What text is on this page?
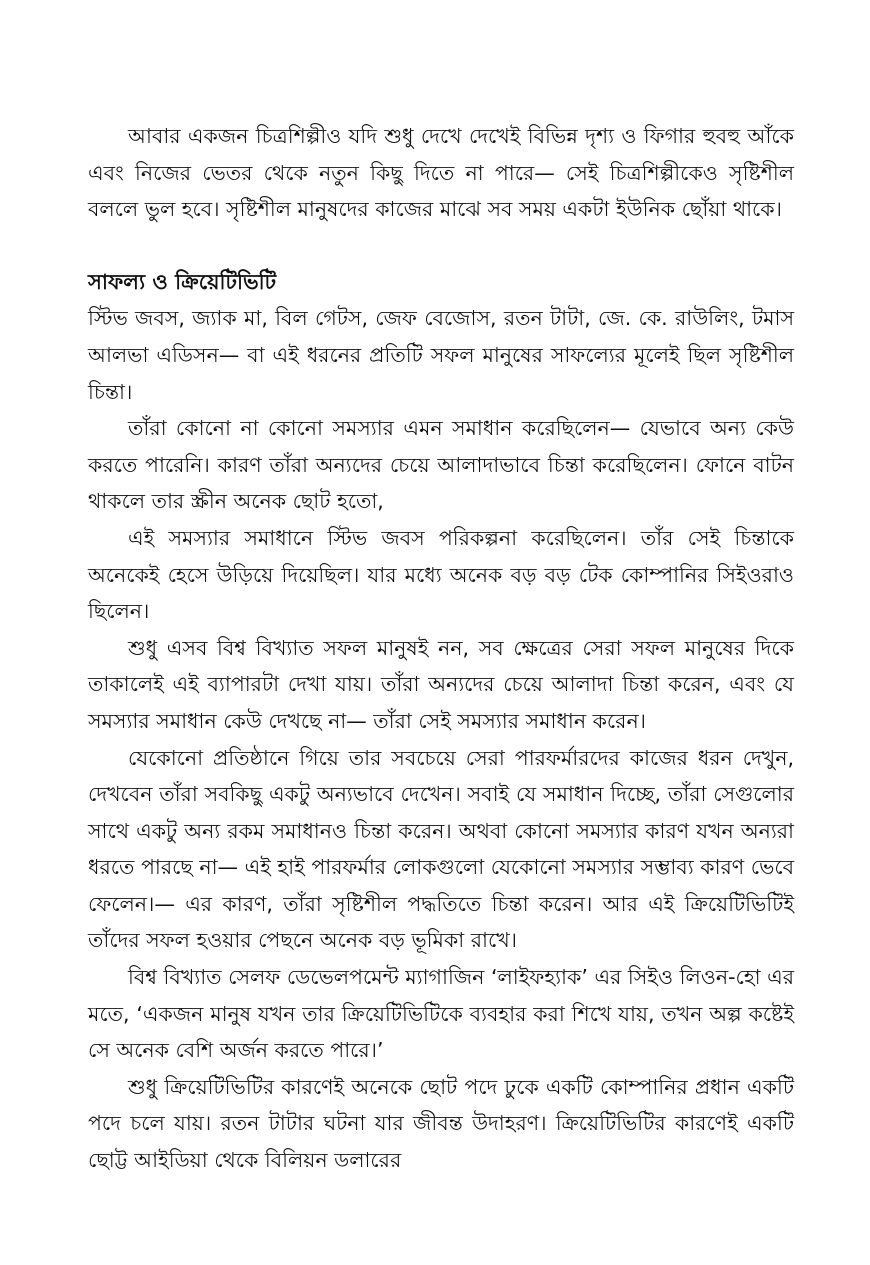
আবার একজন চিত্রশিল্পীও যদি শুধু দেখে দেখেই বিভিন্ন দৃশ্য ও ফিগার হুবহু আঁকে এবং নিজের ভেতর থেকে নতুন কিছু দিতে না পারে— সেই চিত্রশিল্পীকেও সৃষ্টিশীল বললে ভুল হবে। সৃষ্টিশীল মানুষদের কাজের মাঝে সব সময় একটা ইউনিক ছোঁয়া থাকে।

সাফল্য ও ক্রিয়েটিভিটি

স্টিভ জবস, জ্যাক মা, বিল গেটস, জেফ বেজোস, রতন টাটা, জে. কে. রাউলিং, টমাস আলভা এডিসন— বা এই ধরনের প্রতিটি সফল মানুষের সাফল্যের মূলেই ছিল সৃষ্টিশীল চিন্তা।

তাঁরা কোনো না কোনো সমস্যার এমন সমাধান করেছিলেন— যেভাবে অন্য কেউ করতে পারেনি। কারণ তাঁরা অন্যদের চেয়ে আলাদাভাবে চিন্তা করেছিলেন। ফোনে বাটন থাকলে তার স্ক্রীন অনেক ছোট হতো,

এই সমস্যার সমাধানে স্টিভ জবস পরিকল্পনা করেছিলেন। তাঁর সেই চিন্তাকে অনেকেই হেসে উড়িয়ে দিয়েছিল। যার মধ্যে অনেক বড় বড় টেক কোম্পানির সিইওরাও ছিলেন।

শুধু এসব বিশ্ব বিখ্যাত সফল মানুষই নন, সব ক্ষেত্রের সেরা সফল মানুষের দিকে তাকালেই এই ব্যাপারটা দেখা যায়। তাঁরা অন্যদের চেয়ে আলাদা চিন্তা করেন, এবং যে সমস্যার সমাধান কেউ দেখছে না— তাঁরা সেই সমস্যার সমাধান করেন।

যেকোনো প্রতিষ্ঠানে গিয়ে তার সবচেয়ে সেরা পারফর্মারদের কাজের ধরন দেখুন, দেখবেন তাঁরা সবকিছু একটু অন্যভাবে দেখেন। সবাই যে সমাধান দিচ্ছে, তাঁরা সেগুলোর সাথে একটু অন্য রকম সমাধানও চিন্তা করেন। অথবা কোনো সমস্যার কারণ যখন অন্যরা ধরতে পারছে না— এই হাই পারফর্মার লোকগুলো যেকোনো সমস্যার সম্ভাব্য কারণ ভেবে ফেলেন।— এর কারণ, তাঁরা সৃষ্টিশীল পদ্ধতিতে চিন্তা করেন। আর এই ক্রিয়েটিভিটিই তাঁদের সফল হওয়ার পেছনে অনেক বড় ভূমিকা রাখে।

বিশ্ব বিখ্যাত সেলফ ডেভেলপমেন্ট ম্যাগাজিন ‘লাইফহ্যাক’ এর সিইও লিওন-হো এর মতে, ‘একজন মানুষ যখন তার ক্রিয়েটিভিটিকে ব্যবহার করা শিখে যায়, তখন অল্প কষ্টেই সে অনেক বেশি অর্জন করতে পারে।’

শুধু ক্রিয়েটিভিটির কারণেই অনেকে ছোট পদে ঢুকে একটি কোম্পানির প্রধান একটি পদে চলে যায়। রতন টাটার ঘটনা যার জীবন্ত উদাহরণ। ক্রিয়েটিভিটির কারণেই একটি ছোট্ট আইডিয়া থেকে বিলিয়ন ডলারের
